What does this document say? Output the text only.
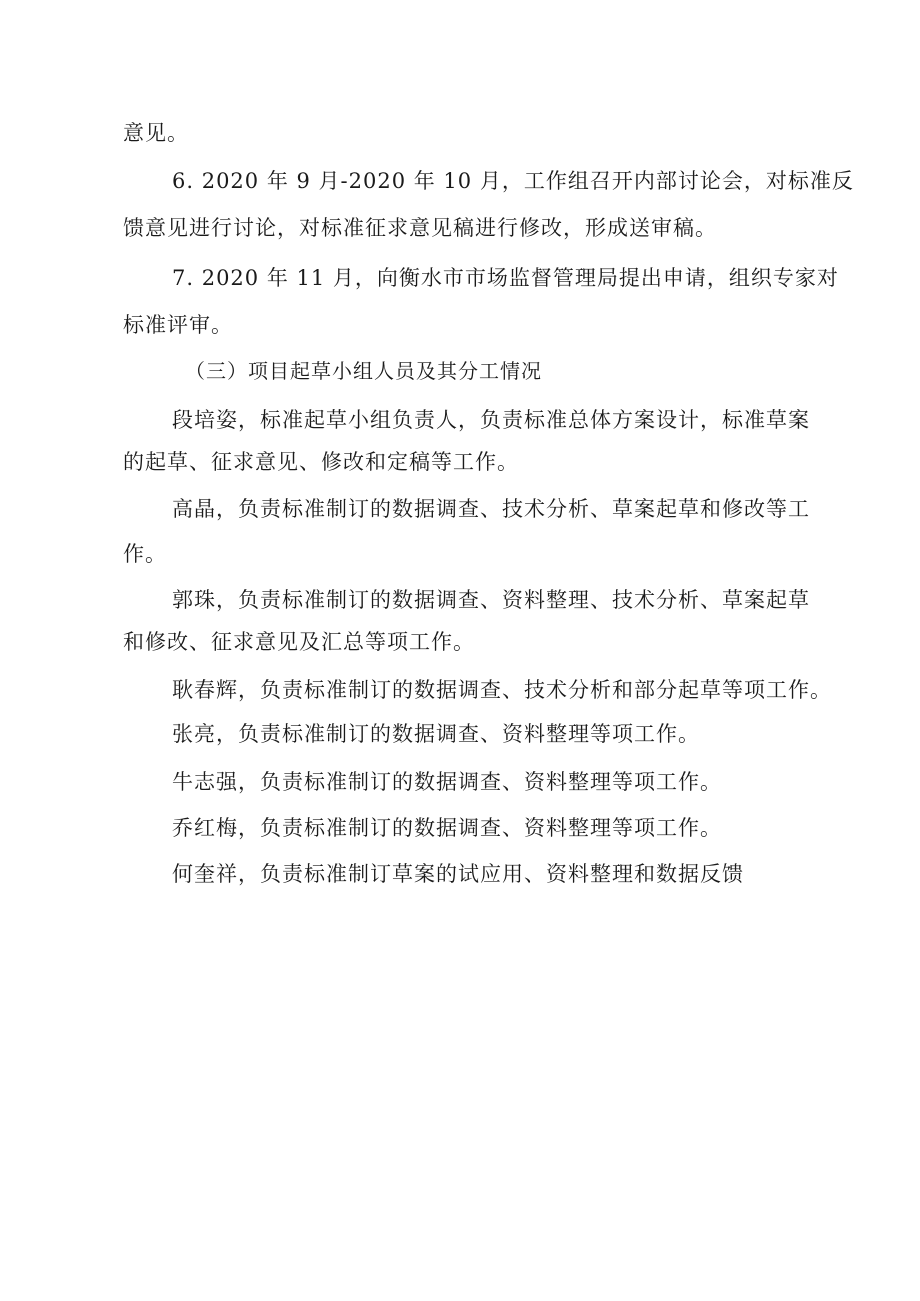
意见。
6. 2020 年 9 月-2020 年 10 月，工作组召开内部讨论会，对标准反
馈意见进行讨论，对标准征求意见稿进行修改，形成送审稿。
7. 2020 年 11 月，向衡水市市场监督管理局提出申请，组织专家对
标准评审。
（三）项目起草小组人员及其分工情况
段培姿，标准起草小组负责人，负责标准总体方案设计，标准草案
的起草、征求意见、修改和定稿等工作。
高晶，负责标准制订的数据调查、技术分析、草案起草和修改等工
作。
郭珠，负责标准制订的数据调查、资料整理、技术分析、草案起草
和修改、征求意见及汇总等项工作。
耿春辉，负责标准制订的数据调查、技术分析和部分起草等项工作。
张亮，负责标准制订的数据调查、资料整理等项工作。
牛志强，负责标准制订的数据调查、资料整理等项工作。
乔红梅，负责标准制订的数据调查、资料整理等项工作。
何奎祥，负责标准制订草案的试应用、资料整理和数据反馈
